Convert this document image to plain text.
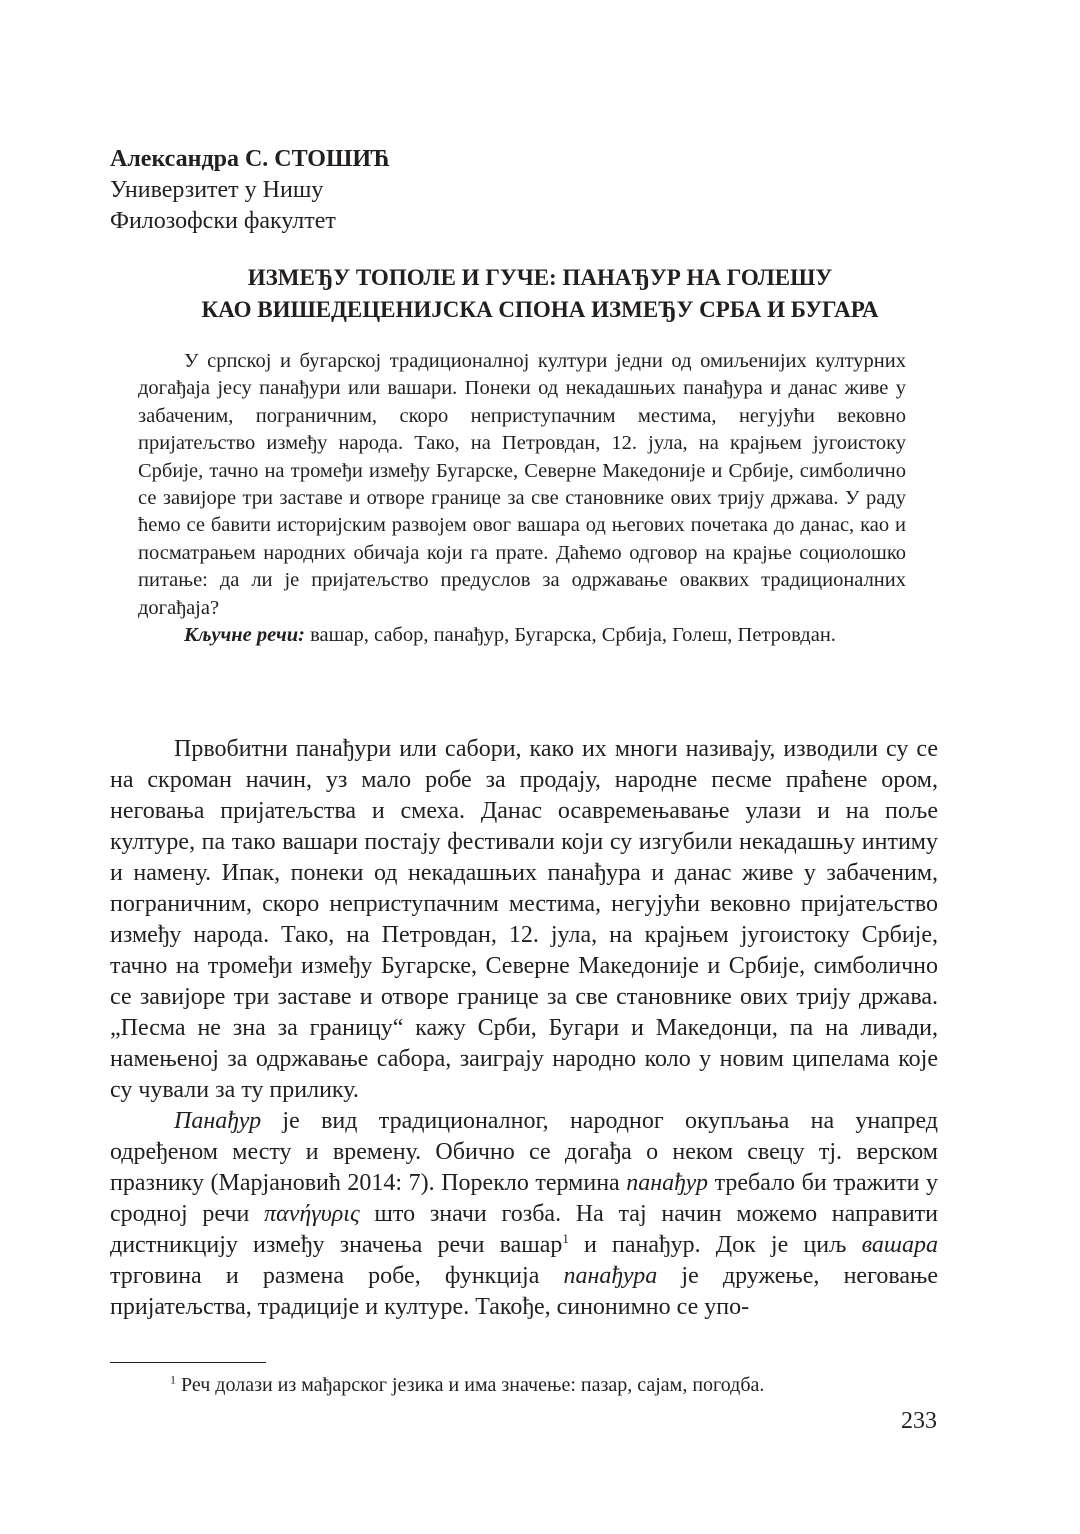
Александра С. СТОШИЋ
Универзитет у Нишу
Филозофски факултет
ИЗМЕЂУ ТОПОЛЕ И ГУЧЕ: ПАНАЂУР НА ГОЛЕШУ
КАО ВИШЕДЕЦЕНИЈСКА СПОНА ИЗМЕЂУ СРБА И БУГАРА

У српској и бугарској традиционалној култури једни од омиљенијих културних догађаја јесу панађури или вашари. Понеки од некадашњих панађура и данас живе у забаченим, пограничним, скоро неприступачним местима, негујући вековно пријатељство између народа. Тако, на Петровдан, 12. јула, на крајњем југоистоку Србије, тачно на тромеђи између Бугарске, Северне Македоније и Србије, симболично се завијоре три заставе и отворе границе за све становнике ових трију држава. У раду ћемо се бавити историјским развојем овог вашара од његових почетака до данас, као и посматрањем народних обичаја који га прате. Даћемо одговор на крајње социолошко питање: да ли је пријатељство предуслов за одржавање оваквих традиционалних догађаја?

Кључне речи: вашар, сабор, панађур, Бугарска, Србија, Голеш, Петровдан.

Првобитни панађури или сабори, како их многи називају, изводили су се на скроман начин, уз мало робе за продају, народне песме праћене ором, неговања пријатељства и смеха. Данас осавремењавање улази и на поље културе, па тако вашари постају фестивали који су изгубили некадашњу интиму и намену. Ипак, понеки од некадашњих панађура и данас живе у забаченим, пограничним, скоро неприступачним местима, негујући вековно пријатељство између народа. Тако, на Петровдан, 12. јула, на крајњем југоистоку Србије, тачно на тромеђи између Бугарске, Северне Македоније и Србије, симболично се завијоре три заставе и отворе границе за све становнике ових трију држава. „Песма не зна за границу“ кажу Срби, Бугари и Македонци, па на ливади, намењеној за одржавање сабора, заиграју народно коло у новим ципелама које су чували за ту прилику.

Панађур је вид традиционалног, народног окупљања на унапред одређеном месту и времену. Обично се догађа о неком свецу тј. верском празнику (Марјановић 2014: 7). Порекло термина панађур требало би тражити у сродној речи πανήγυρις што значи гозба. На тај начин можемо направити дистникцију између значења речи вашар$^1$ и панађур. Док је циљ вашара трговина и размена робе, функција панађура је дружење, неговање пријатељства, традиције и културе. Такође, синонимно се упо-

$^1$ Реч долази из мађарског језика и има значење: пазар, сајам, погодба.
233
